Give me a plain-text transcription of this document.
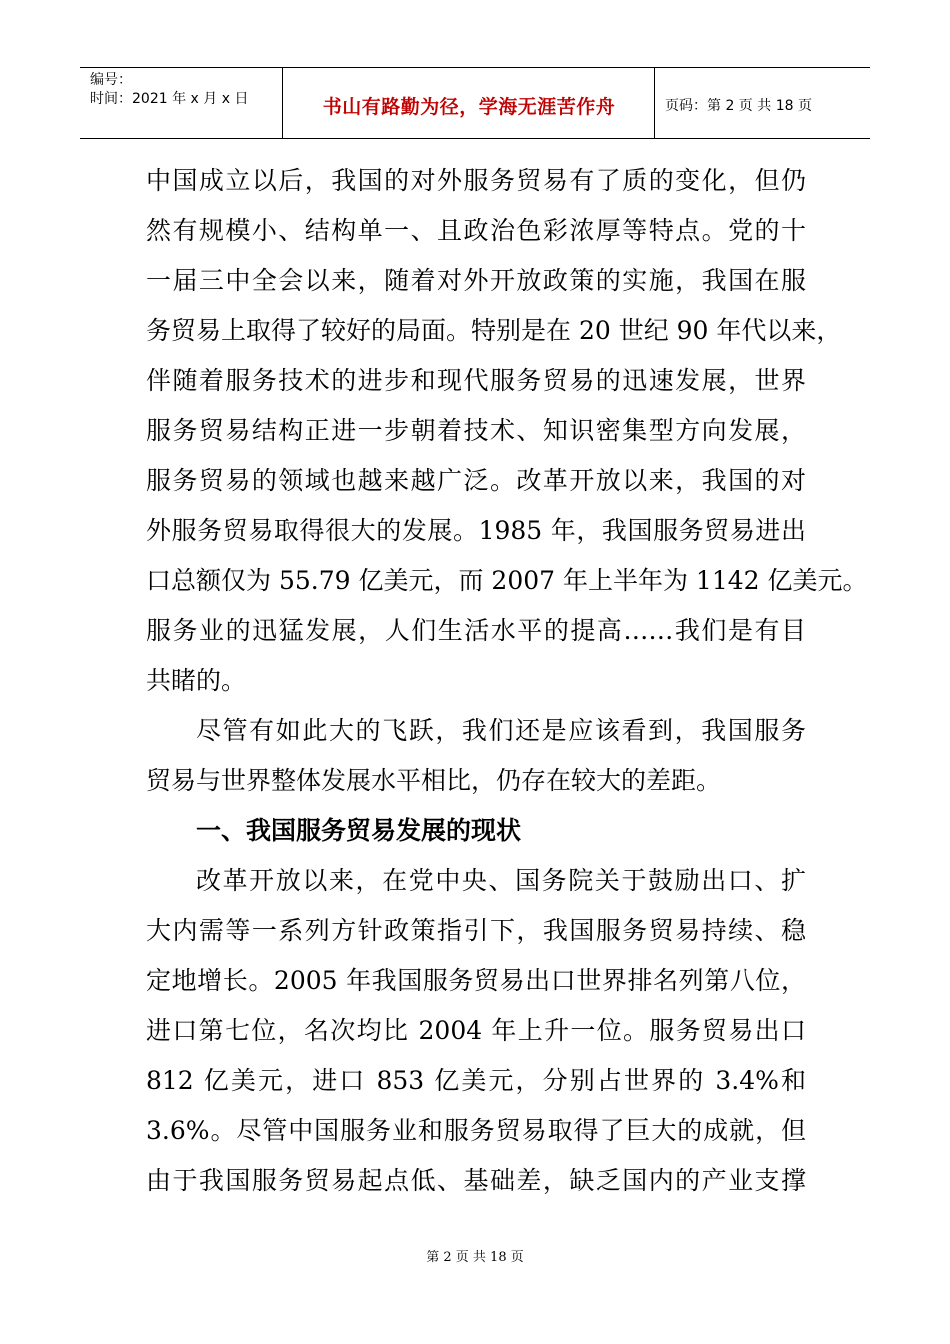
编号：
时间：2021 年 x 月 x 日	书山有路勤为径，学海无涯苦作舟	页码：第 2 页 共 18 页
中国成立以后，我国的对外服务贸易有了质的变化，但仍
然有规模小、结构单一、且政治色彩浓厚等特点。党的十
一届三中全会以来，随着对外开放政策的实施，我国在服
务贸易上取得了较好的局面。特别是在 20 世纪 90 年代以来，
伴随着服务技术的进步和现代服务贸易的迅速发展，世界
服务贸易结构正进一步朝着技术、知识密集型方向发展，
服务贸易的领域也越来越广泛。改革开放以来，我国的对
外服务贸易取得很大的发展。1985 年，我国服务贸易进出
口总额仅为 55.79 亿美元，而 2007 年上半年为 1142 亿美元。
服务业的迅猛发展，人们生活水平的提高……我们是有目
共睹的。
尽管有如此大的飞跃，我们还是应该看到，我国服务
贸易与世界整体发展水平相比，仍存在较大的差距。
一、我国服务贸易发展的现状
改革开放以来，在党中央、国务院关于鼓励出口、扩
大内需等一系列方针政策指引下，我国服务贸易持续、稳
定地增长。2005 年我国服务贸易出口世界排名列第八位，
进口第七位，名次均比 2004 年上升一位。服务贸易出口
812 亿美元，进口 853 亿美元，分别占世界的 3.4%和
3.6%。尽管中国服务业和服务贸易取得了巨大的成就，但
由于我国服务贸易起点低、基础差，缺乏国内的产业支撑
第 2 页 共 18 页
